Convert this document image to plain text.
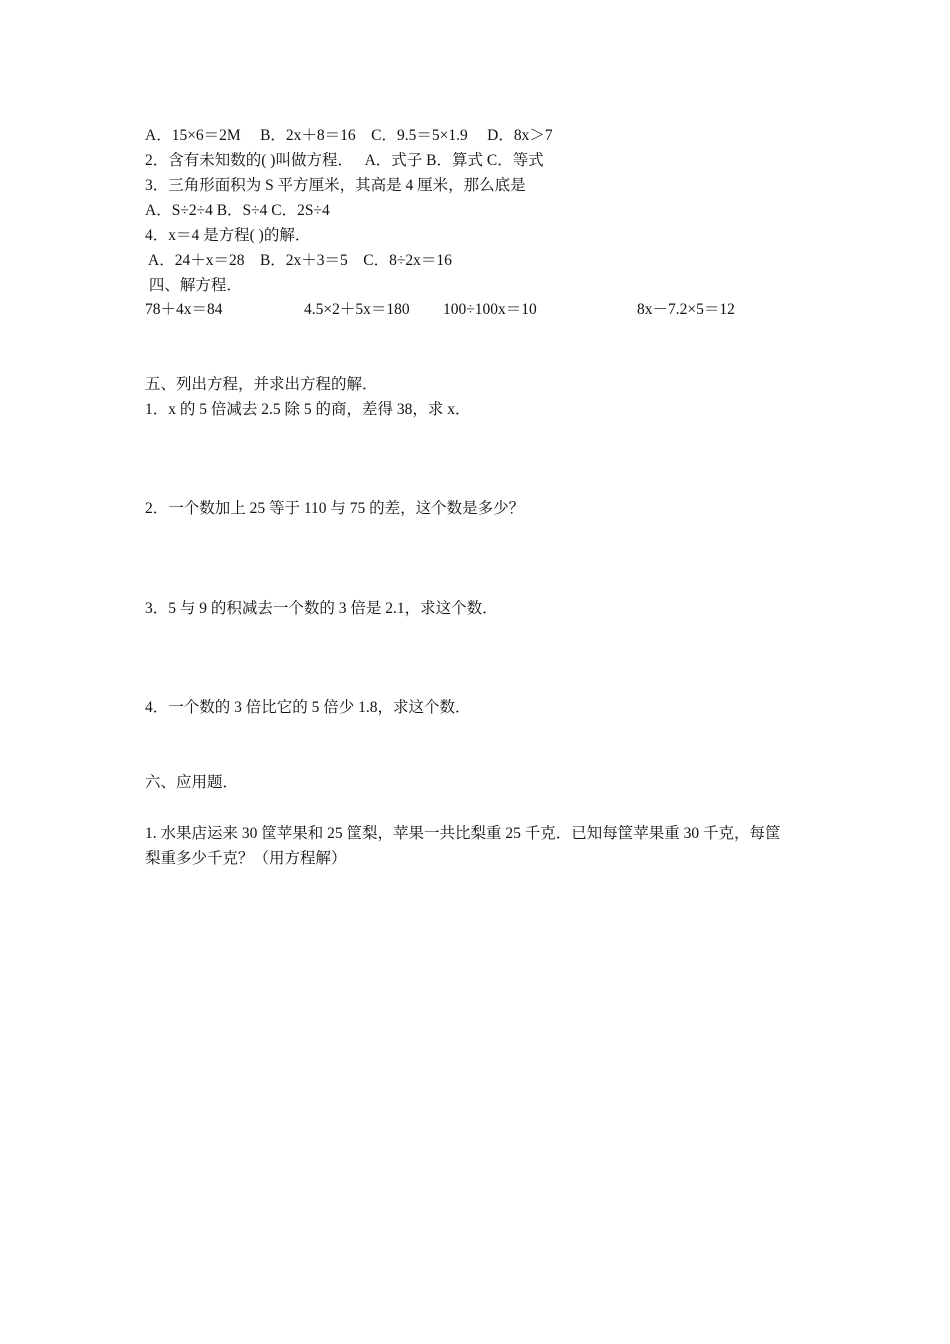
A．15×6＝2M　 B．2x＋8＝16　C．9.5＝5×1.9　 D．8x＞7
2．含有未知数的( )叫做方程．　 A．式子 B．算式 C．等式
3．三角形面积为 S 平方厘米，其高是 4 厘米，那么底是
A．S÷2÷4 B．S÷4 C．2S÷4
4．x＝4 是方程( )的解．
A．24＋x＝28　B．2x＋3＝5　C．8÷2x＝16
四、解方程．
78＋4x＝84	4.5×2＋5x＝180 100÷100x＝10	8x－7.2×5＝12
五、列出方程，并求出方程的解．
1．x 的 5 倍减去 2.5 除 5 的商，差得 38，求 x．
2．一个数加上 25 等于 110 与 75 的差，这个数是多少？
3．5 与 9 的积减去一个数的 3 倍是 2.1，求这个数．
4．一个数的 3 倍比它的 5 倍少 1.8，求这个数．
六、应用题．
1. 水果店运来 30 筐苹果和 25 筐梨，苹果一共比梨重 25 千克．已知每筐苹果重 30 千克，每筐
梨重多少千克？（用方程解）
